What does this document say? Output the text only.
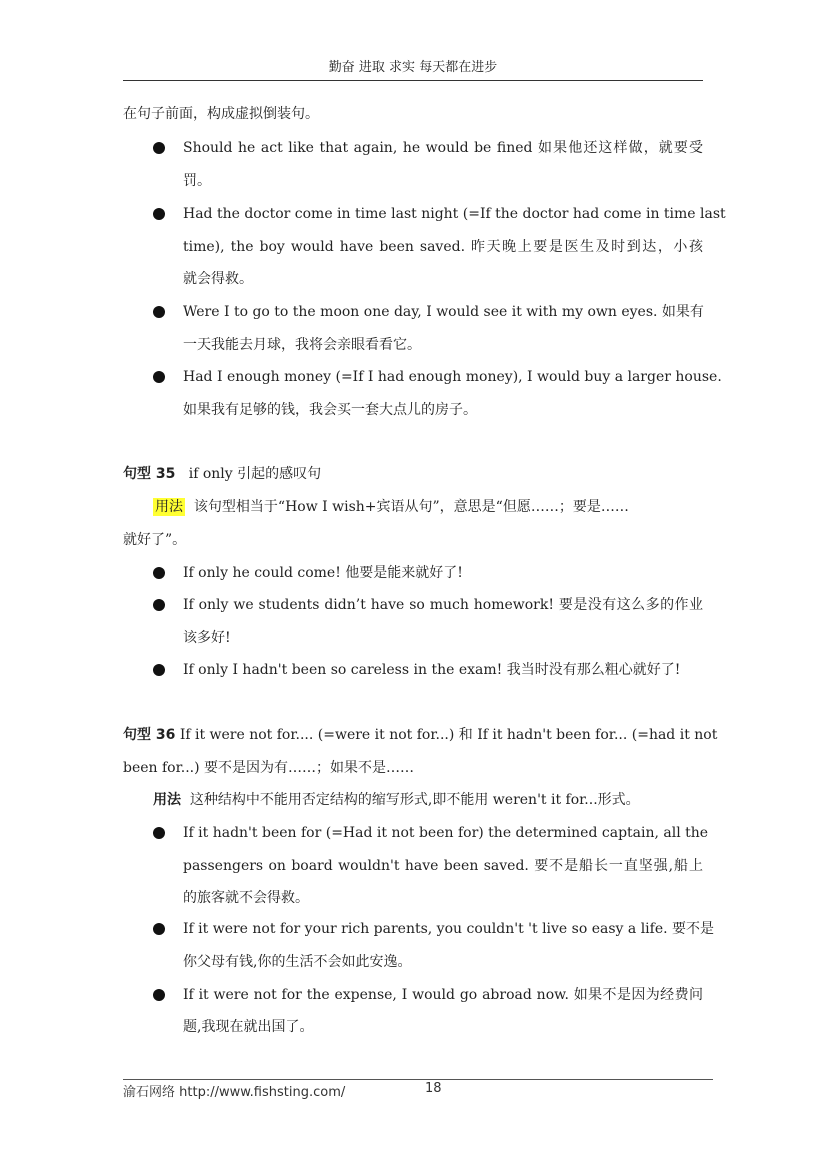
勤奋 进取 求实 每天都在进步
在句子前面，构成虚拟倒装句。
Should he act like that again, he would be fined 如果他还这样做，就要受
罚。
Had the doctor come in time last night (=If the doctor had come in time last
time), the boy would have been saved. 昨天晚上要是医生及时到达，小孩
就会得救。
Were I to go to the moon one day, I would see it with my own eyes. 如果有
一天我能去月球，我将会亲眼看看它。
Had I enough money (=If I had enough money), I would buy a larger house.
如果我有足够的钱，我会买一套大点儿的房子。
句型 35 if only 引起的感叹句
用法 该句型相当于“How I wish+宾语从句”，意思是“但愿……；要是……
就好了”。
If only he could come! 他要是能来就好了!
If only we students didn’t have so much homework! 要是没有这么多的作业
该多好!
If only I hadn't been so careless in the exam! 我当时没有那么粗心就好了!
句型 36 If it were not for.... (=were it not for...) 和 If it hadn't been for... (=had it not
been for...) 要不是因为有……；如果不是……
用法 这种结构中不能用否定结构的缩写形式,即不能用 weren't it for...形式。
If it hadn't been for (=Had it not been for) the determined captain, all the
passengers on board wouldn't have been saved. 要不是船长一直坚强,船上
的旅客就不会得救。
If it were not for your rich parents, you couldn't 't live so easy a life. 要不是
你父母有钱,你的生活不会如此安逸。
If it were not for the expense, I would go abroad now. 如果不是因为经费问
题,我现在就出国了。
渝石网络 http://www.fishsting.com/	18
